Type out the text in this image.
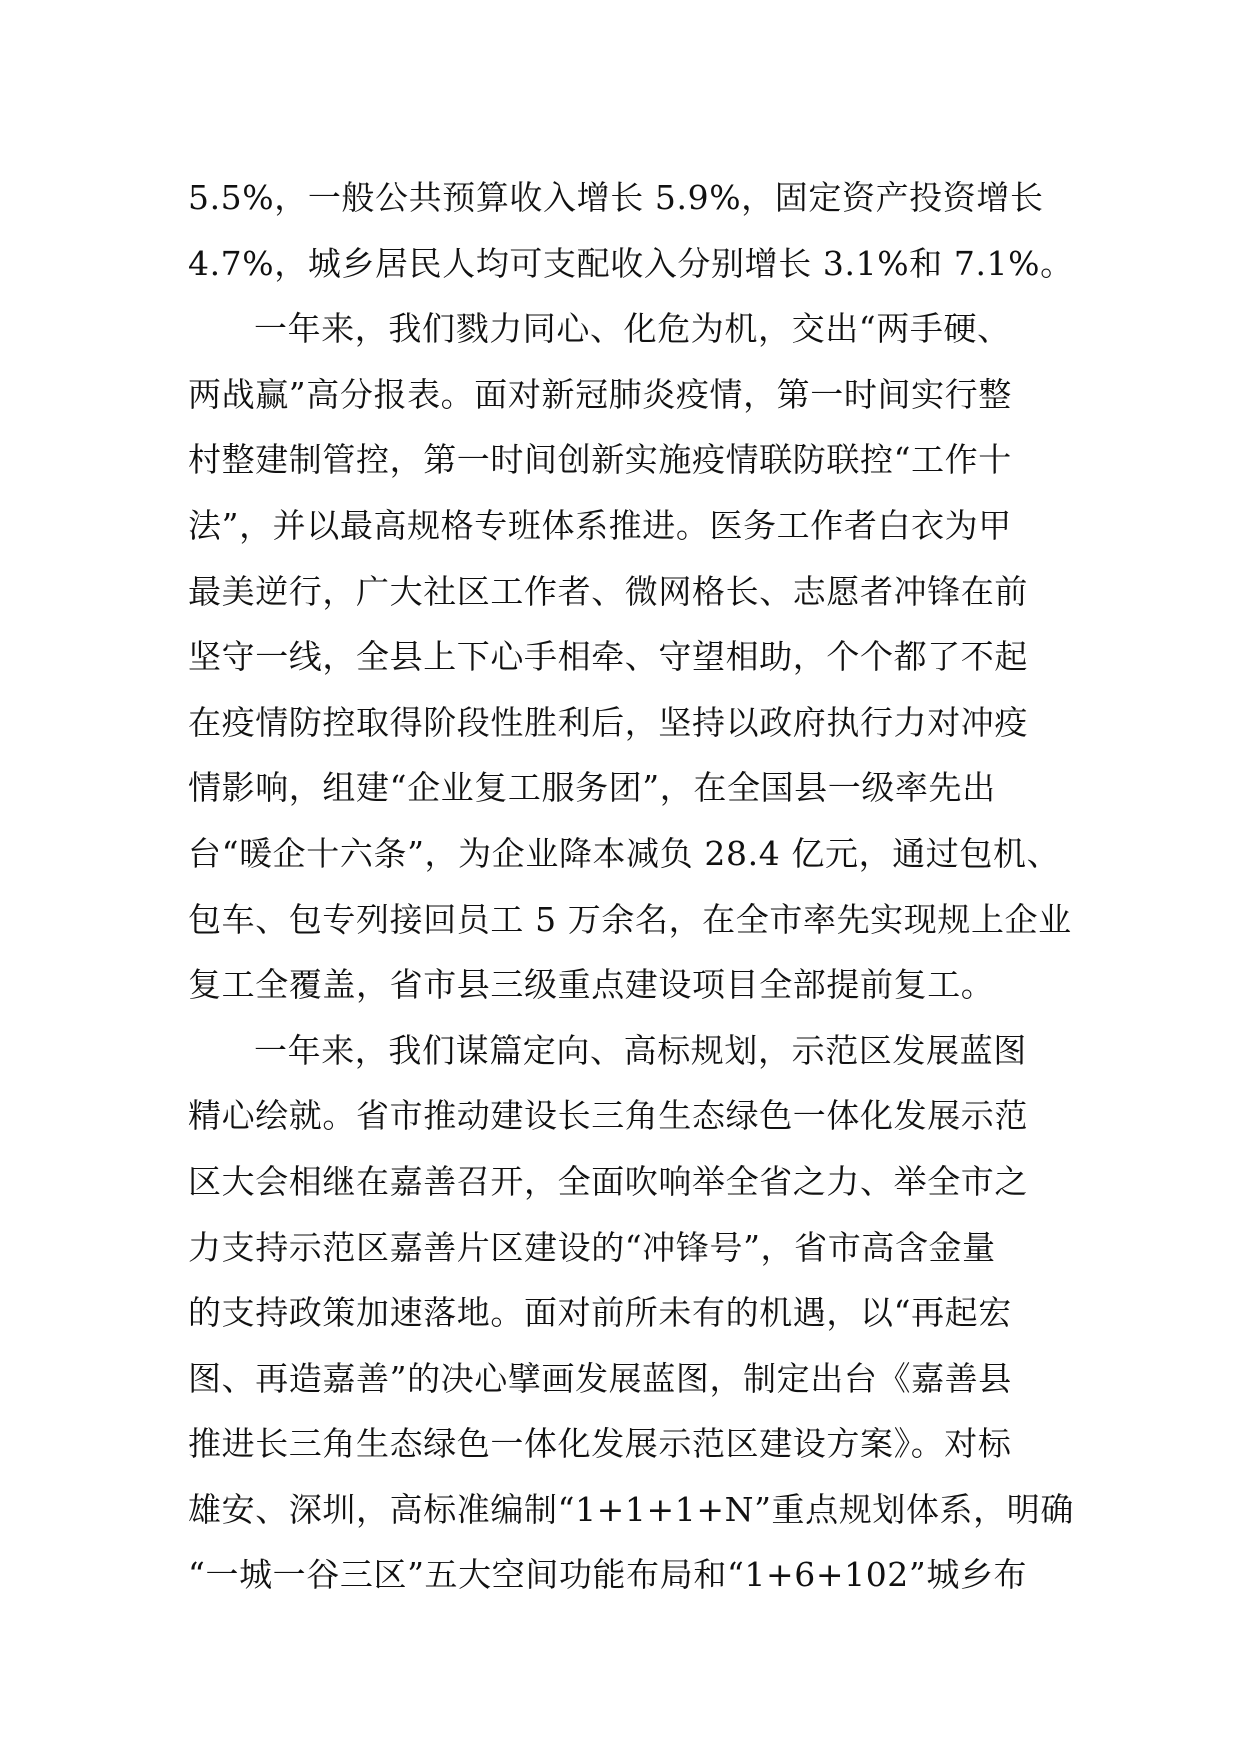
5.5%，一般公共预算收入增长 5.9%，固定资产投资增长
4.7%，城乡居民人均可支配收入分别增长 3.1%和 7.1%。
一年来，我们戮力同心、化危为机，交出“两手硬、
两战赢”高分报表。面对新冠肺炎疫情，第一时间实行整
村整建制管控，第一时间创新实施疫情联防联控“工作十
法”，并以最高规格专班体系推进。医务工作者白衣为甲
最美逆行，广大社区工作者、微网格长、志愿者冲锋在前
坚守一线，全县上下心手相牵、守望相助，个个都了不起
在疫情防控取得阶段性胜利后，坚持以政府执行力对冲疫
情影响，组建“企业复工服务团”，在全国县一级率先出
台“暖企十六条”，为企业降本减负 28.4 亿元，通过包机、
包车、包专列接回员工 5 万余名，在全市率先实现规上企业
复工全覆盖，省市县三级重点建设项目全部提前复工。
一年来，我们谋篇定向、高标规划，示范区发展蓝图
精心绘就。省市推动建设长三角生态绿色一体化发展示范
区大会相继在嘉善召开，全面吹响举全省之力、举全市之
力支持示范区嘉善片区建设的“冲锋号”，省市高含金量
的支持政策加速落地。面对前所未有的机遇，以“再起宏
图、再造嘉善”的决心擘画发展蓝图，制定出台《嘉善县
推进长三角生态绿色一体化发展示范区建设方案》。对标
雄安、深圳，高标准编制“1+1+1+N”重点规划体系，明确
“一城一谷三区”五大空间功能布局和“1+6+102”城乡布
